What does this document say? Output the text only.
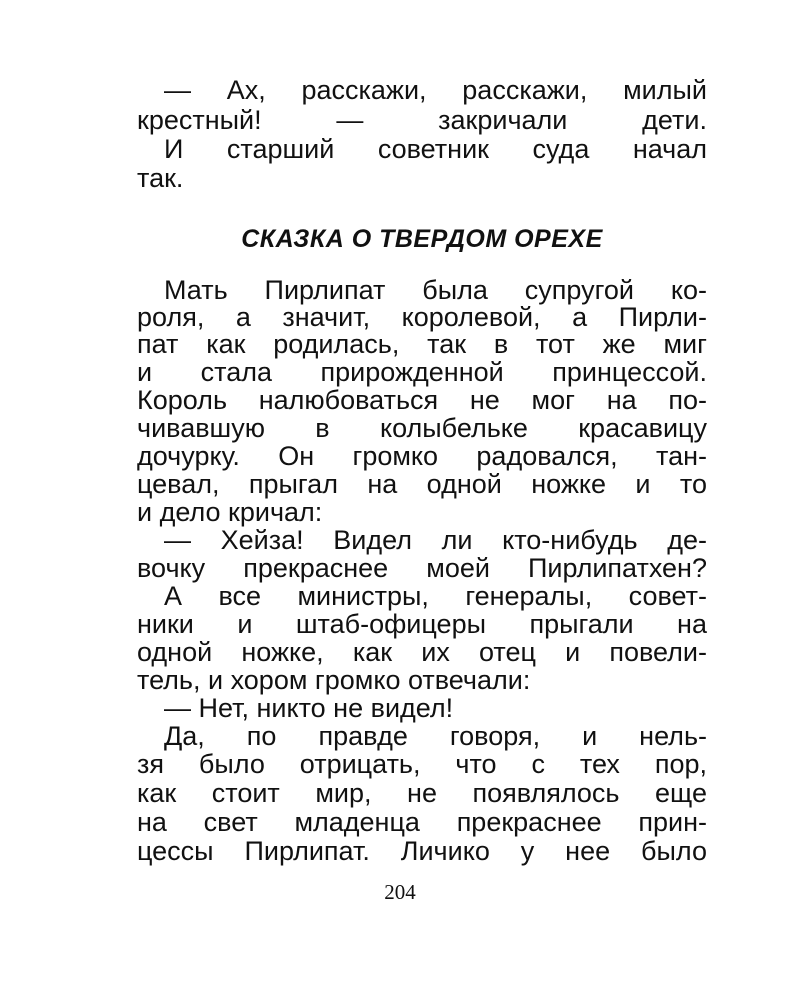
— Ах, расскажи, расскажи, милый
крестный! — закричали дети.
И старший советник суда начал
так.
СКАЗКА О ТВЕРДОМ ОРЕХЕ
Мать Пирлипат была супругой ко-
роля, а значит, королевой, а Пирли-
пат как родилась, так в тот же миг
и стала прирожденной принцессой.
Король налюбоваться не мог на по-
чивавшую в колыбельке красавицу
дочурку. Он громко радовался, тан-
цевал, прыгал на одной ножке и то
и дело кричал:
— Хейза! Видел ли кто-нибудь де-
вочку прекраснее моей Пирлипатхен?
А все министры, генералы, совет-
ники и штаб-офицеры прыгали на
одной ножке, как их отец и повели-
тель, и хором громко отвечали:
— Нет, никто не видел!
Да, по правде говоря, и нель-
зя было отрицать, что с тех пор,
как стоит мир, не появлялось еще
на свет младенца прекраснее прин-
цессы Пирлипат. Личико у нее было
204
